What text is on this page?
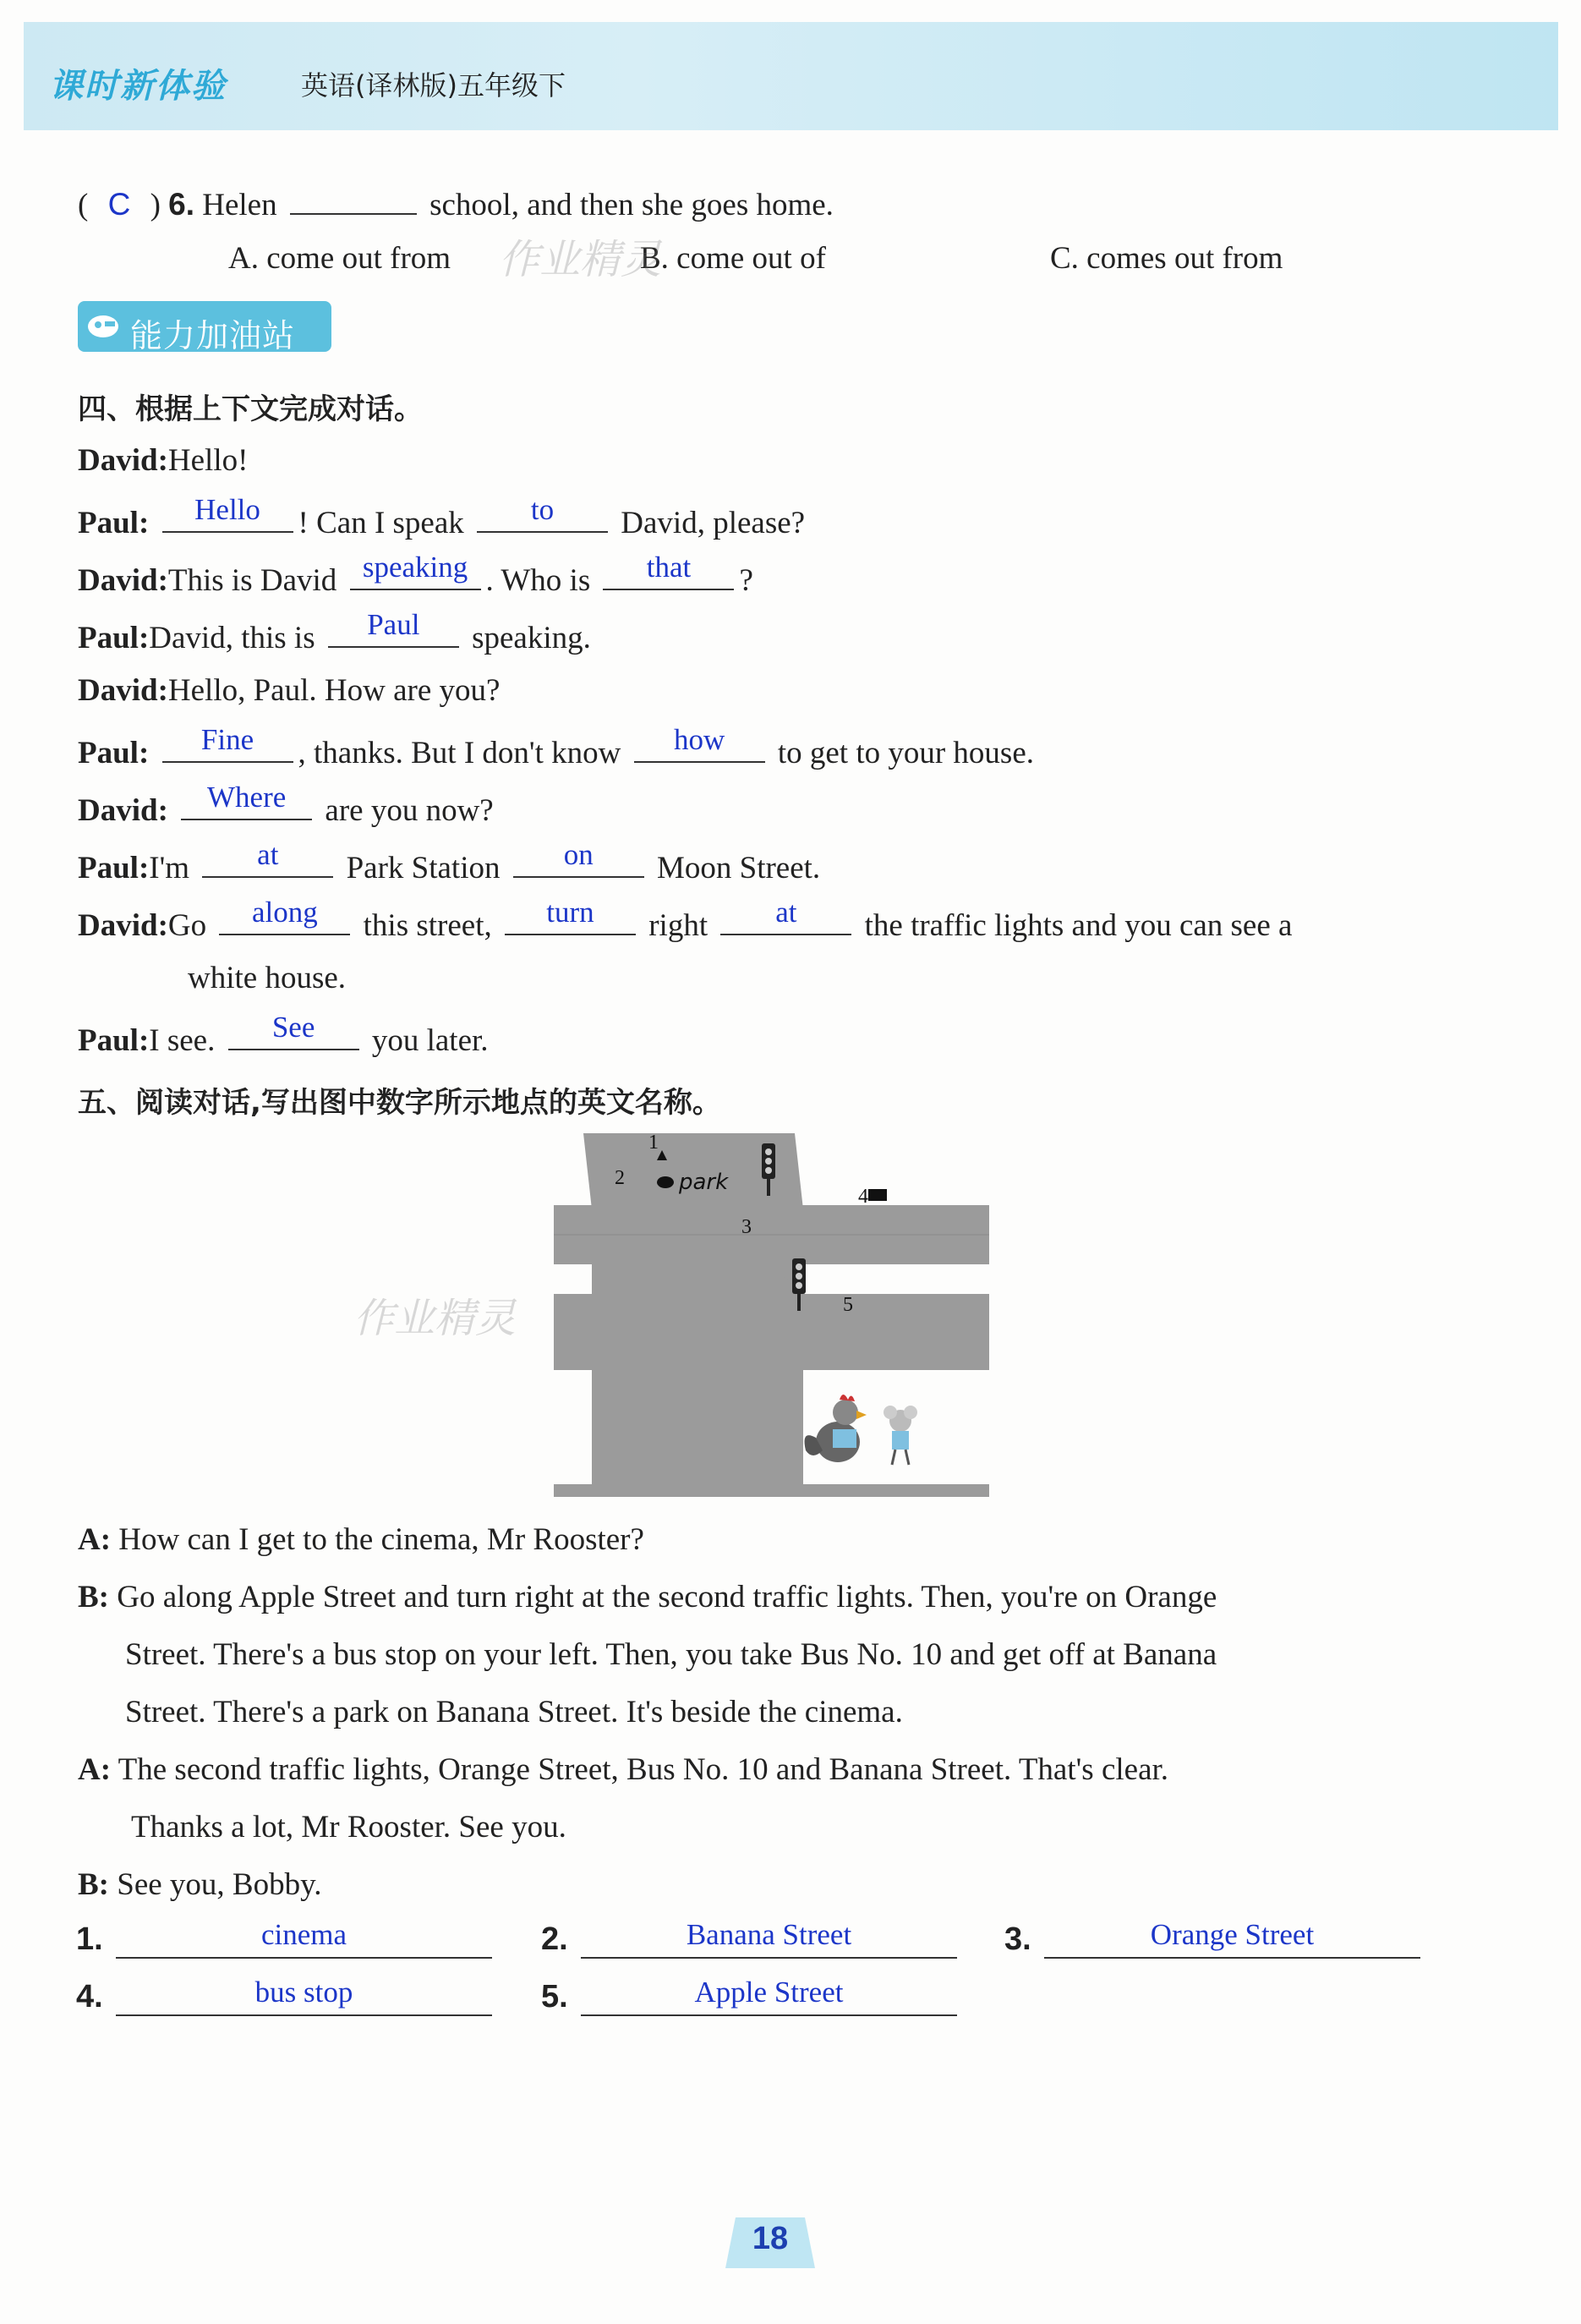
课时新体验	英语(译林版)五年级下
( C ) 6. Helen	school, and then she goes home.
A. come out from	B. come out of	C. comes out from
作业精灵
能力加油站
四、根据上下文完成对话。
David:Hello!
Paul:	Hello	! Can I speak	to	David, please?
David:This is David speaking . Who is	that	?
Paul:David, this is	Paul	speaking.
David:Hello, Paul. How are you?
Paul:	Fine	, thanks. But I don't know	how	to get to your house.
David:	Where	are you now?
Paul:I'm	at	Park Station	on	Moon Street.
David:Go	along	this street,	turn	right	at	the traffic lights and you can see a
white house.
Paul:I see.	See	you later.
五、阅读对话,写出图中数字所示地点的英文名称。
park
1
2
3
4
5
作业精灵
A: How can I get to the cinema, Mr Rooster?
B: Go along Apple Street and turn right at the second traffic lights. Then, you're on Orange
Street. There's a bus stop on your left. Then, you take Bus No. 10 and get off at Banana
Street. There's a park on Banana Street. It's beside the cinema.
A: The second traffic lights, Orange Street, Bus No. 10 and Banana Street. That's clear.
Thanks a lot, Mr Rooster. See you.
B: See you, Bobby.
1.	cinema	2.	Banana Street	3.	Orange Street
4.	bus stop	5.	Apple Street
18
